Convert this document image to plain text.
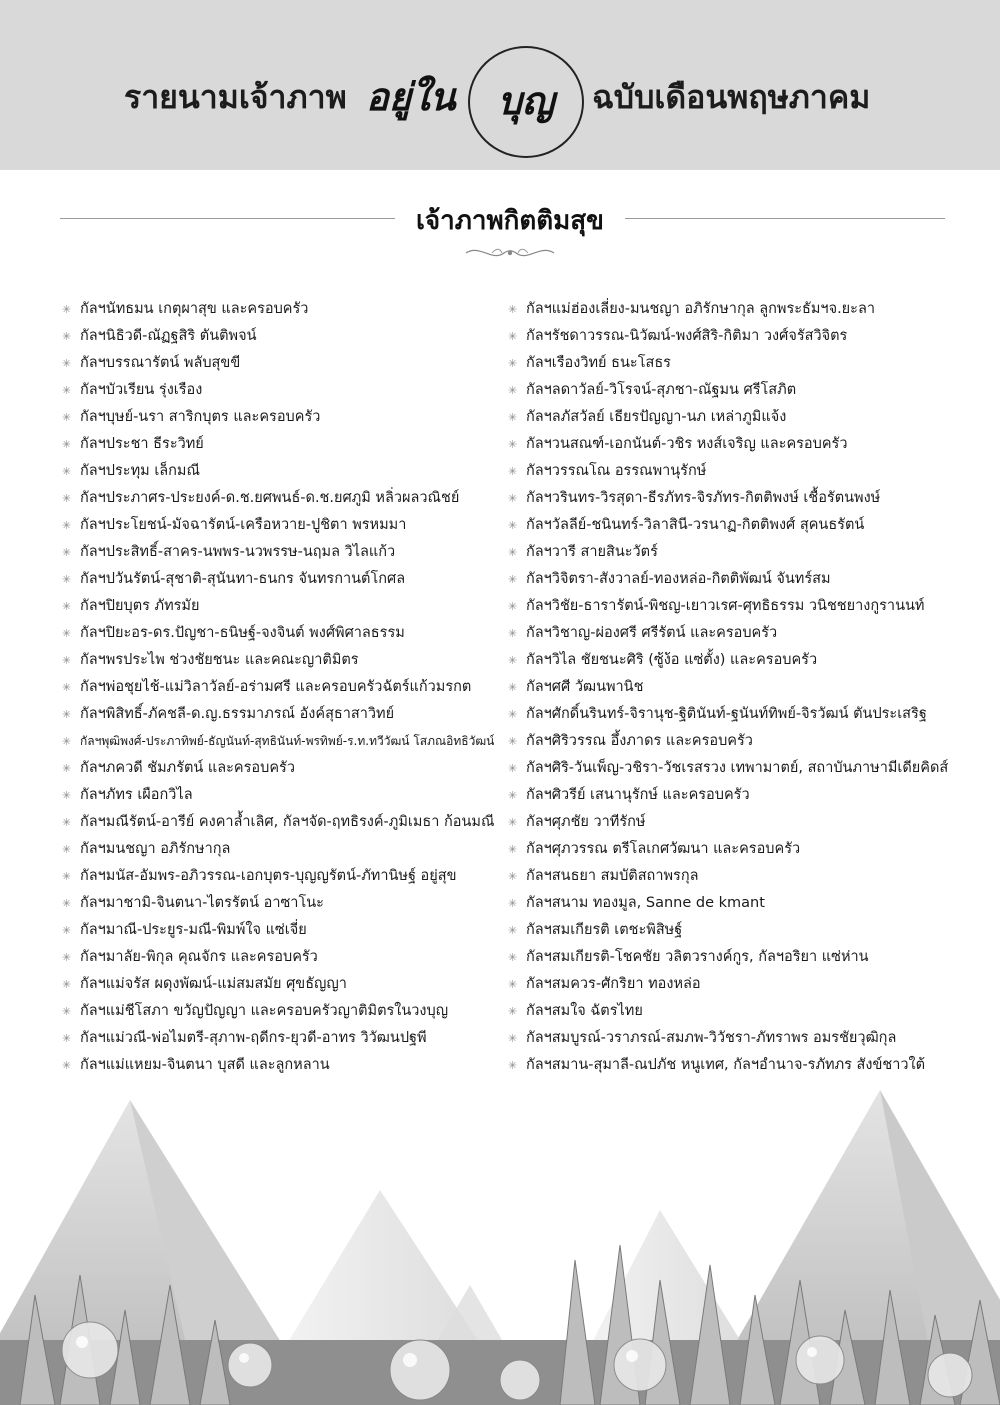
รายนามเจ้าภาพ อยู่ใน	บุญ	ฉบับเดือนพฤษภาคม
เจ้าภาพกิตติมสุข
✳ กัลฯนัทธมน เกตุผาสุข และครอบครัว
✳ กัลฯนิธิวดี-ณัฏฐสิริ ตันติพจน์
✳ กัลฯบรรณารัตน์ พลับสุขขี
✳ กัลฯบัวเรียน รุ่งเรือง
✳ กัลฯบุษย์-นรา สาริกบุตร และครอบครัว
✳ กัลฯประชา ธีระวิทย์
✳ กัลฯประทุม เล็กมณี
✳ กัลฯประภาศร-ประยงค์-ด.ช.ยศพนธ์-ด.ช.ยศภูมิ หลิ่วผลวณิชย์
✳ กัลฯประโยชน์-มัจฉารัตน์-เครือหวาย-ปูชิตา พรหมมา
✳ กัลฯประสิทธิ์-สาคร-นพพร-นวพรรษ-นฤมล วิไลแก้ว
✳ กัลฯปวันรัตน์-สุชาติ-สุนันทา-ธนกร จันทรกานต์โกศล
✳ กัลฯปิยบุตร ภัทรมัย
✳ กัลฯปิยะอร-ดร.ปัญชา-ธนิษฐ์-จงจินต์ พงศ์พิศาลธรรม
✳ กัลฯพรประไพ ช่วงชัยชนะ และคณะญาติมิตร
✳ กัลฯพ่อชุยไช้-แม่วิลาวัลย์-อร่ามศรี และครอบครัวฉัตร์แก้วมรกต
✳ กัลฯพิสิทธิ์-ภัคชลี-ด.ญ.ธรรมาภรณ์ อังค์สุธาสาวิทย์
✳ กัลฯพุฒิพงศ์-ประภาทิพย์-ธัญนันท์-สุทธินันท์-พรทิพย์-ร.ท.ทวีวัฒน์ โสภณอิทธิวัฒน์
✳ กัลฯภควดี ชัมภรัตน์ และครอบครัว
✳ กัลฯภัทร เผือกวิไล
✳ กัลฯมณีรัตน์-อารีย์ คงคาล้ำเลิศ, กัลฯจัด-ฤทธิรงค์-ภูมิเมธา ก้อนมณี
✳ กัลฯมนชญา อภิรักษากุล
✳ กัลฯมนัส-อัมพร-อภิวรรณ-เอกบุตร-บุญญรัตน์-ภัทานิษฐ์ อยู่สุข
✳ กัลฯมาชามิ-จินตนา-ไตรรัตน์ อาซาโนะ
✳ กัลฯมาณี-ประยูร-มณี-พิมพ์ใจ แซ่เจี่ย
✳ กัลฯมาลัย-พิกุล คุณจักร และครอบครัว
✳ กัลฯแม่จรัส ผดุงพัฒน์-แม่สมสมัย ศุขธัญญา
✳ กัลฯแม่ชีโสภา ขวัญปัญญา และครอบครัวญาติมิตรในวงบุญ
✳ กัลฯแม่วณี-พ่อไมตรี-สุภาพ-ฤดีกร-ยุวดี-อาทร วิวัฒนปฐพี
✳ กัลฯแม่แหยม-จินตนา บุสดี และลูกหลาน
✳ กัลฯแม่ฮ่องเลี่ยง-มนชญา อภิรักษากุล ลูกพระธัมฯจ.ยะลา
✳ กัลฯรัชดาวรรณ-นิวัฒน์-พงศ์สิริ-กิติมา วงศ์จรัสวิจิตร
✳ กัลฯเรืองวิทย์ ธนะโสธร
✳ กัลฯลดาวัลย์-วิโรจน์-สุภชา-ณัฐมน ศรีโสภิต
✳ กัลฯลภัสวัลย์ เธียรปัญญา-นภ เหล่าภูมิแจ้ง
✳ กัลฯวนสณฑ์-เอกนันต์-วชิร หงส์เจริญ และครอบครัว
✳ กัลฯวรรณโณ อรรณพานุรักษ์
✳ กัลฯวรินทร-วิรสุดา-ธีรภัทร-จิรภัทร-กิตติพงษ์ เชื้อรัตนพงษ์
✳ กัลฯวัลลีย์-ชนินทร์-วิลาสินี-วรนาฏ-กิตติพงศ์ สุคนธรัตน์
✳ กัลฯวารี สายสินะวัตร์
✳ กัลฯวิจิตรา-สังวาลย์-ทองหล่อ-กิตติพัฒน์ จันทร์สม
✳ กัลฯวิชัย-ธารารัตน์-พิชญ-เยาวเรศ-ศุทธิธรรม วนิชชยางกูรานนท์
✳ กัลฯวิชาญ-ผ่องศรี ศรีรัตน์ และครอบครัว
✳ กัลฯวิไล ชัยชนะศิริ (ซู้ง้อ แซ่ตั้ง) และครอบครัว
✳ กัลฯศศี วัฒนพานิช
✳ กัลฯศักดิ์นรินทร์-จิรานุช-ฐิตินันท์-ฐนันท์ทิพย์-จิรวัฒน์ ตันประเสริฐ
✳ กัลฯศิริวรรณ อึ้งภาดร และครอบครัว
✳ กัลฯศิริ-วันเพ็ญ-วชิรา-วัชเรสรวง เทพามาตย์, สถาบันภาษามีเดียคิดส์
✳ กัลฯศิวรีย์ เสนานุรักษ์ และครอบครัว
✳ กัลฯศุภชัย วาทีรักษ์
✳ กัลฯศุภวรรณ ตรีโลเกศวัฒนา และครอบครัว
✳ กัลฯสนธยา สมบัติสถาพรกุล
✳ กัลฯสนาม ทองมูล, Sanne de kmant
✳ กัลฯสมเกียรติ เตชะพิสิษฐ์
✳ กัลฯสมเกียรติ-โชคชัย วลิตวรางค์กูร, กัลฯอริยา แซ่ห่าน
✳ กัลฯสมควร-ศักริยา ทองหล่อ
✳ กัลฯสมใจ ฉัตรไทย
✳ กัลฯสมบูรณ์-วราภรณ์-สมภพ-วิวัชรา-ภัทราพร อมรชัยวุฒิกุล
✳ กัลฯสมาน-สุมาลี-ณปภัช หนูเทศ, กัลฯอำนาจ-รภัทภร สังข์ชาวใต้
